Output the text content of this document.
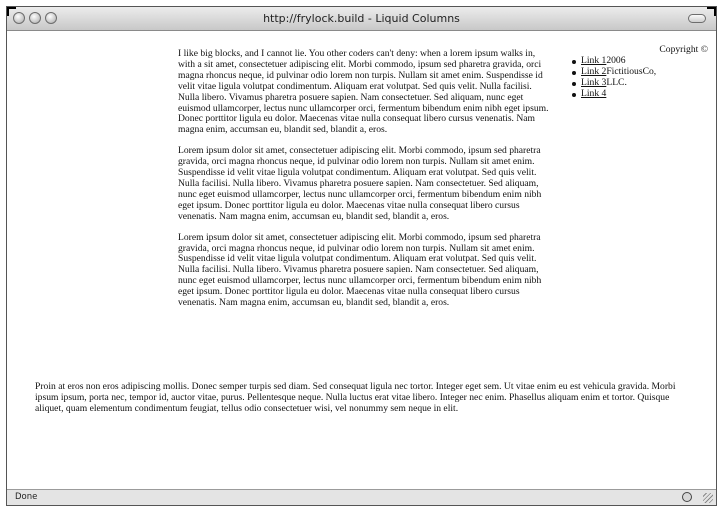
http://frylock.build - Liquid Columns

I like big blocks, and I cannot lie. You other coders can't deny: when a lorem ipsum walks in, with a sit amet, consectetuer adipiscing elit. Morbi commodo, ipsum sed pharetra gravida, orci magna rhoncus neque, id pulvinar odio lorem non turpis. Nullam sit amet enim. Suspendisse id velit vitae ligula volutpat condimentum. Aliquam erat volutpat. Sed quis velit. Nulla facilisi. Nulla libero. Vivamus pharetra posuere sapien. Nam consectetuer. Sed aliquam, nunc eget euismod ullamcorper, lectus nunc ullamcorper orci, fermentum bibendum enim nibh eget ipsum. Donec porttitor ligula eu dolor. Maecenas vitae nulla consequat libero cursus venenatis. Nam magna enim, accumsan eu, blandit sed, blandit a, eros.

Lorem ipsum dolor sit amet, consectetuer adipiscing elit. Morbi commodo, ipsum sed pharetra gravida, orci magna rhoncus neque, id pulvinar odio lorem non turpis. Nullam sit amet enim. Suspendisse id velit vitae ligula volutpat condimentum. Aliquam erat volutpat. Sed quis velit. Nulla facilisi. Nulla libero. Vivamus pharetra posuere sapien. Nam consectetuer. Sed aliquam, nunc eget euismod ullamcorper, lectus nunc ullamcorper orci, fermentum bibendum enim nibh eget ipsum. Donec porttitor ligula eu dolor. Maecenas vitae nulla consequat libero cursus venenatis. Nam magna enim, accumsan eu, blandit sed, blandit a, eros.

Lorem ipsum dolor sit amet, consectetuer adipiscing elit. Morbi commodo, ipsum sed pharetra gravida, orci magna rhoncus neque, id pulvinar odio lorem non turpis. Nullam sit amet enim. Suspendisse id velit vitae ligula volutpat condimentum. Aliquam erat volutpat. Sed quis velit. Nulla facilisi. Nulla libero. Vivamus pharetra posuere sapien. Nam consectetuer. Sed aliquam, nunc eget euismod ullamcorper, lectus nunc ullamcorper orci, fermentum bibendum enim nibh eget ipsum. Donec porttitor ligula eu dolor. Maecenas vitae nulla consequat libero cursus venenatis. Nam magna enim, accumsan eu, blandit sed, blandit a, eros.

Copyright ©
Link 12006
Link 2FictitiousCo,
Link 3LLC.
Link 4

Proin at eros non eros adipiscing mollis. Donec semper turpis sed diam. Sed consequat ligula nec tortor. Integer eget sem. Ut vitae enim eu est vehicula gravida. Morbi ipsum ipsum, porta nec, tempor id, auctor vitae, purus. Pellentesque neque. Nulla luctus erat vitae libero. Integer nec enim. Phasellus aliquam enim et tortor. Quisque aliquet, quam elementum condimentum feugiat, tellus odio consectetuer wisi, vel nonummy sem neque in elit.

Done
